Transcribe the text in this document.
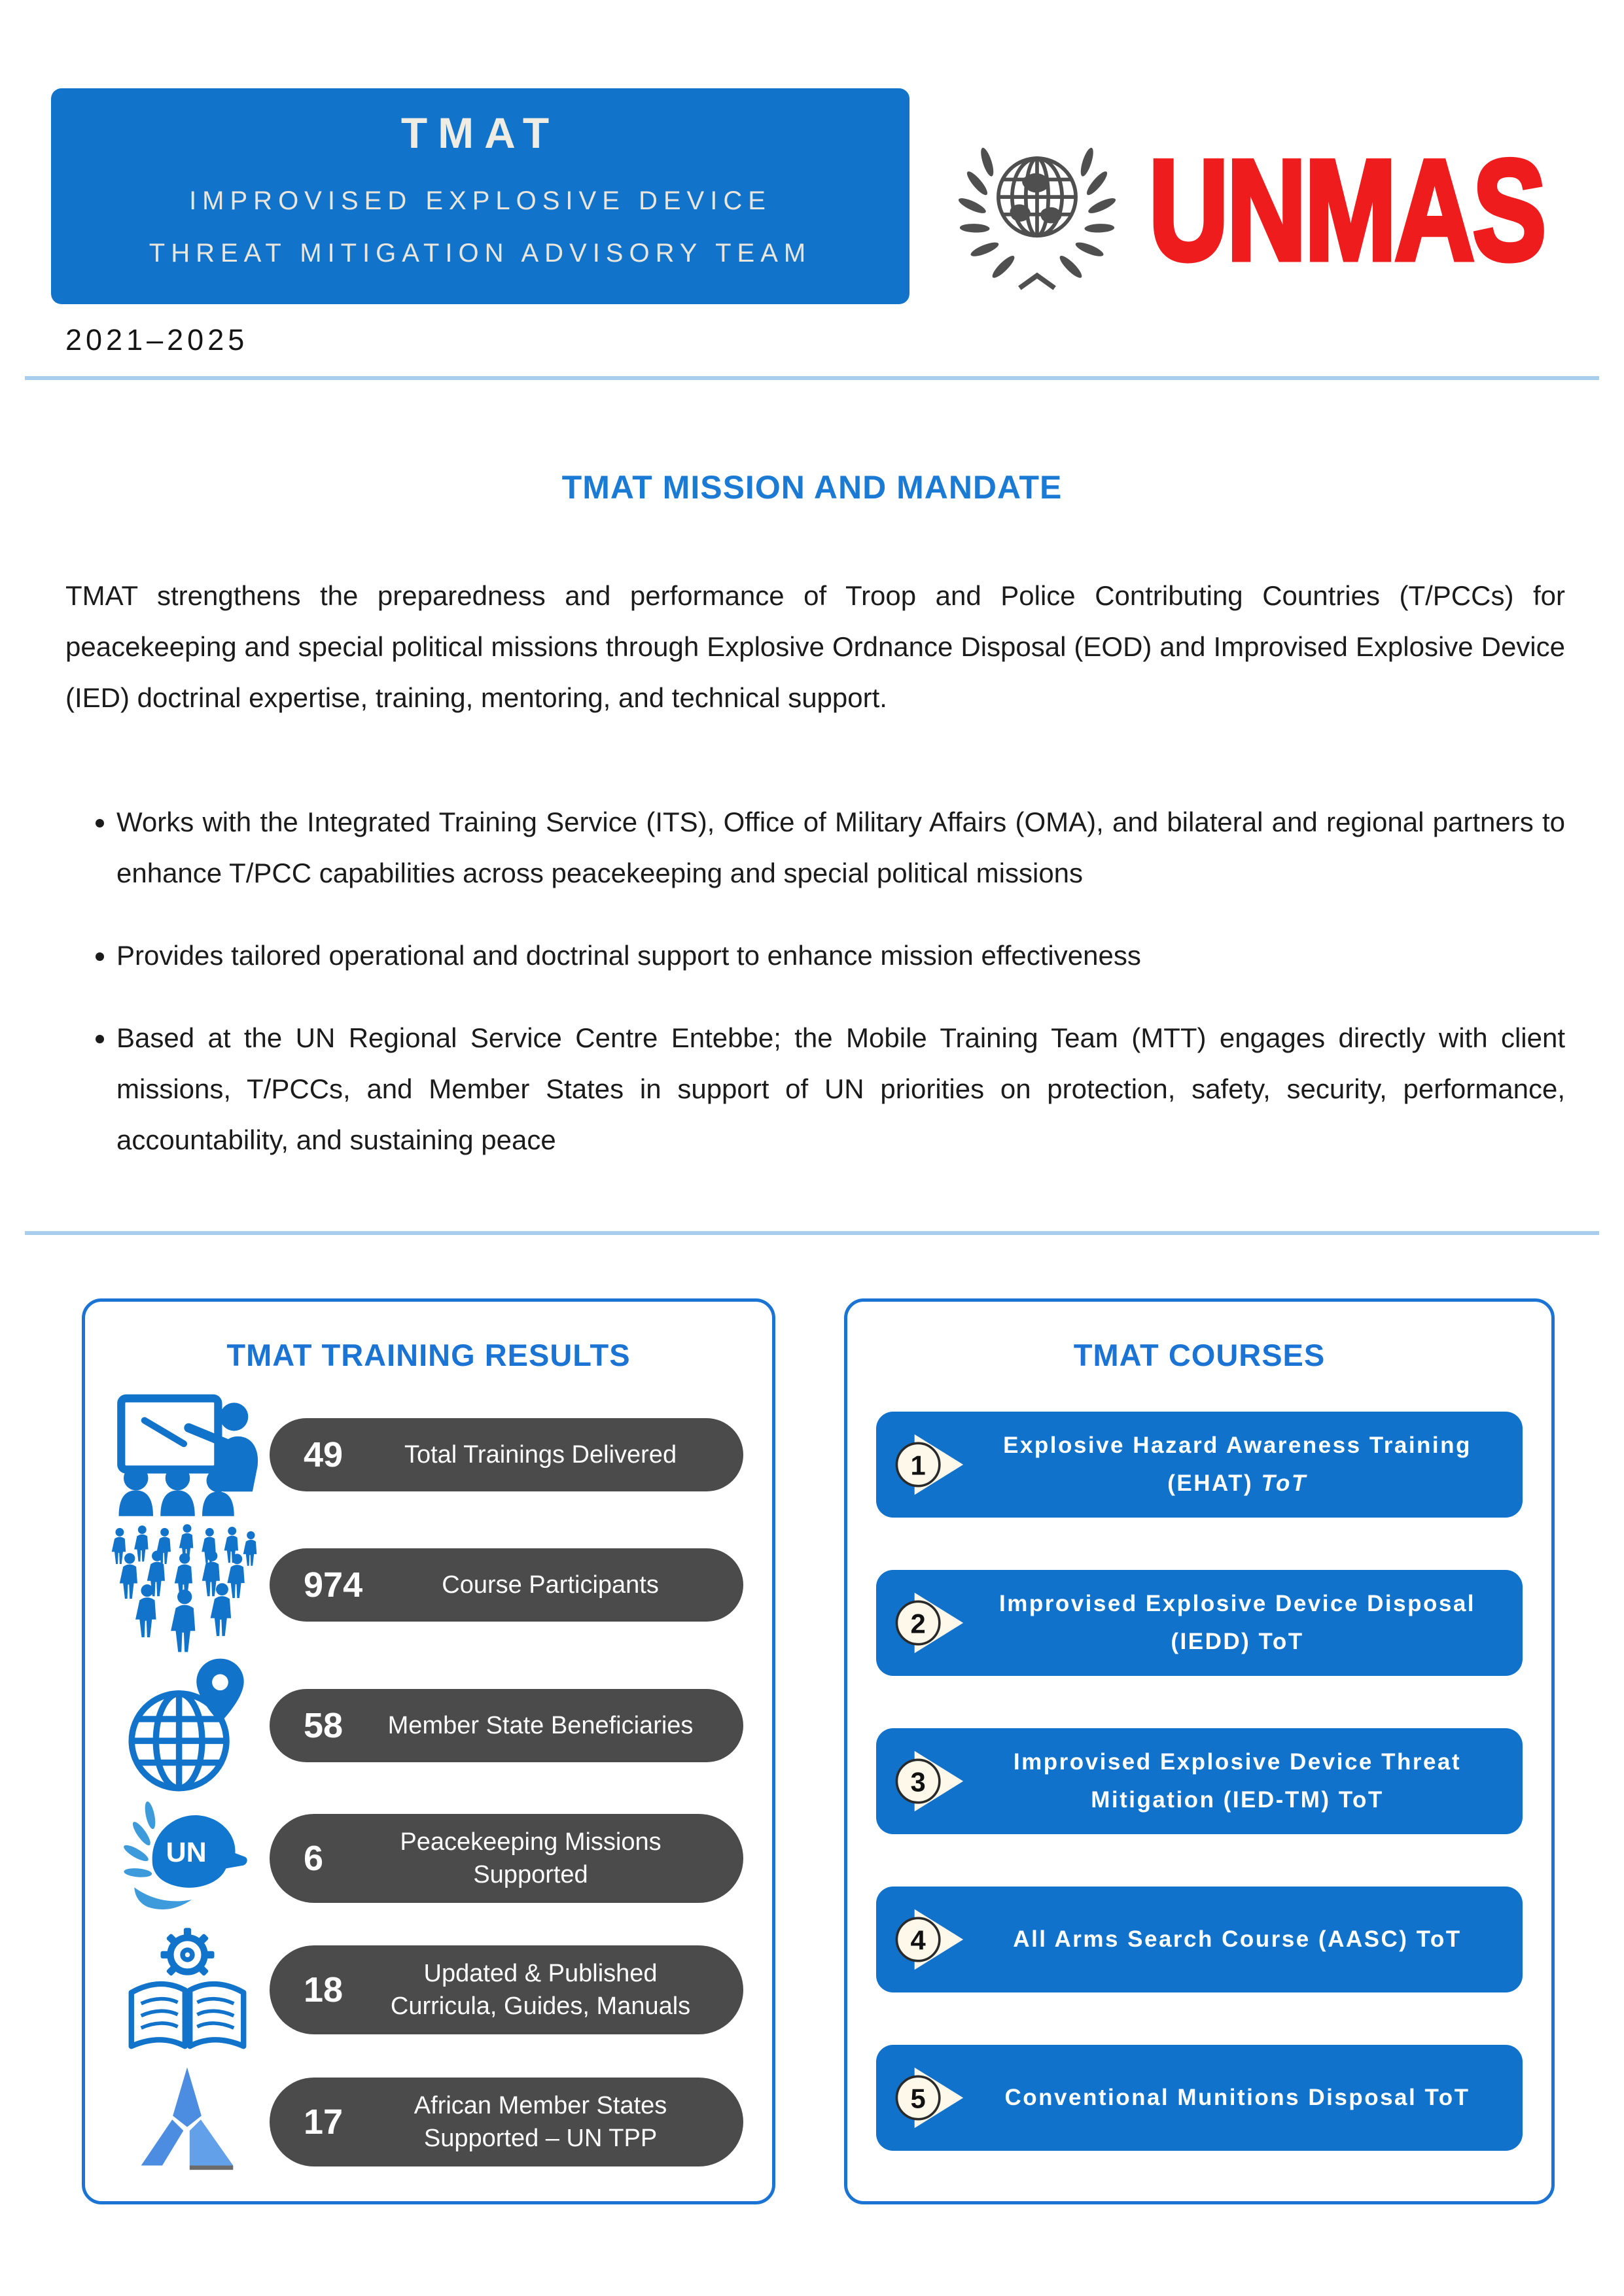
TMAT
IMPROVISED EXPLOSIVE DEVICE
THREAT MITIGATION ADVISORY TEAM	UNMAS
2021–2025
TMAT MISSION AND MANDATE
TMAT strengthens the preparedness and performance of Troop and Police Contributing Countries (T/PCCs) for peacekeeping and special political missions through Explosive Ordnance Disposal (EOD) and Improvised Explosive Device (IED) doctrinal expertise, training, mentoring, and technical support.
• Works with the Integrated Training Service (ITS), Office of Military Affairs (OMA), and bilateral and regional partners to enhance T/PCC capabilities across peacekeeping and special political missions
• Provides tailored operational and doctrinal support to enhance mission effectiveness
• Based at the UN Regional Service Centre Entebbe; the Mobile Training Team (MTT) engages directly with client missions, T/PCCs, and Member States in support of UN priorities on protection, safety, security, performance, accountability, and sustaining peace
TMAT TRAINING RESULTS
49	Total Trainings Delivered

974	Course Participants

58	Member State Beneficiaries

UN	6	Peacekeeping Missions
Supported
18	Updated & Published
Curricula, Guides, Manuals
17	African Member States
Supported – UN TPP
TMAT COURSES
1
Explosive Hazard Awareness Training
(EHAT) ToT
2
Improvised Explosive Device Disposal
(IEDD) ToT
3
Improvised Explosive Device Threat
Mitigation (IED-TM) ToT
4	All Arms Search Course (AASC) ToT

5	Conventional Munitions Disposal ToT
